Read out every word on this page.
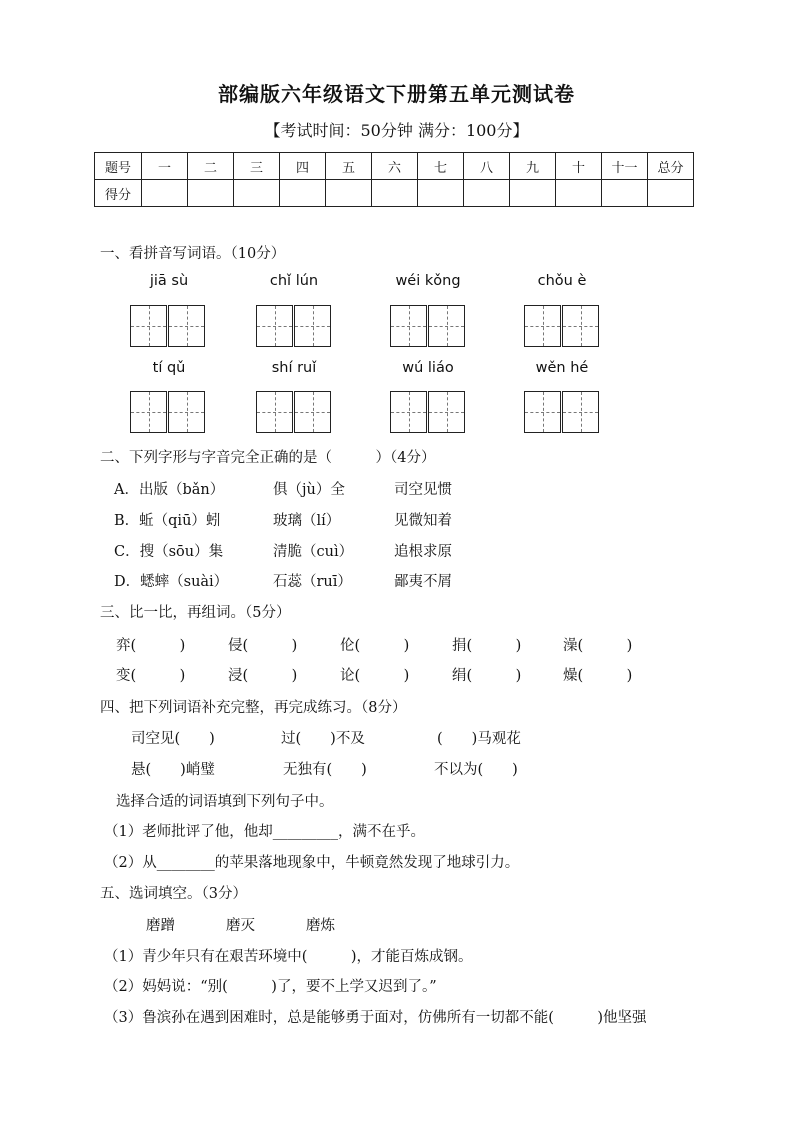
部编版六年级语文下册第五单元测试卷
【考试时间：50分钟 满分：100分】
题号	一	二	三	四	五	六	七	八	九	十	十一	总分
得分												
一、看拼音写词语。（10分）
jiā sù	chǐ lún	wéi kǒng	chǒu è
tí qǔ	shí ruǐ	wú liáo	wěn hé
二、下列字形与字音完全正确的是（　　　）（4分）
A．出版（bǎn）	俱（jù）全	司空见惯
B．蚯（qiū）蚓	玻璃（lí）	见微知着
C．搜（sōu）集	清脆（cuì）	追根求原
D．蟋蟀（suài）	石蕊（ruī）	鄙夷不屑
三、比一比，再组词。（5分）
弈(　　　)	侵(　　　)	伦(　　　)	捐(　　　)	澡(　　　)
变(　　　)	浸(　　　)	论(　　　)	绢(　　　)	燥(　　　)
四、把下列词语补充完整，再完成练习。（8分）
司空见(　　)	过(　　)不及	(　　)马观花
悬(　　)峭璧	无独有(　　)	不以为(　　)
选择合适的词语填到下列句子中。
（1）老师批评了他，他却_________，满不在乎。
（2）从________的苹果落地现象中，牛顿竟然发现了地球引力。
五、选词填空。（3分）
磨蹭	磨灭	磨炼
（1）青少年只有在艰苦环境中(　　　)，才能百炼成钢。
（2）妈妈说：“别(　　　)了，要不上学又迟到了。”
（3）鲁滨孙在遇到困难时，总是能够勇于面对，仿佛所有一切都不能(　　　)他坚强
